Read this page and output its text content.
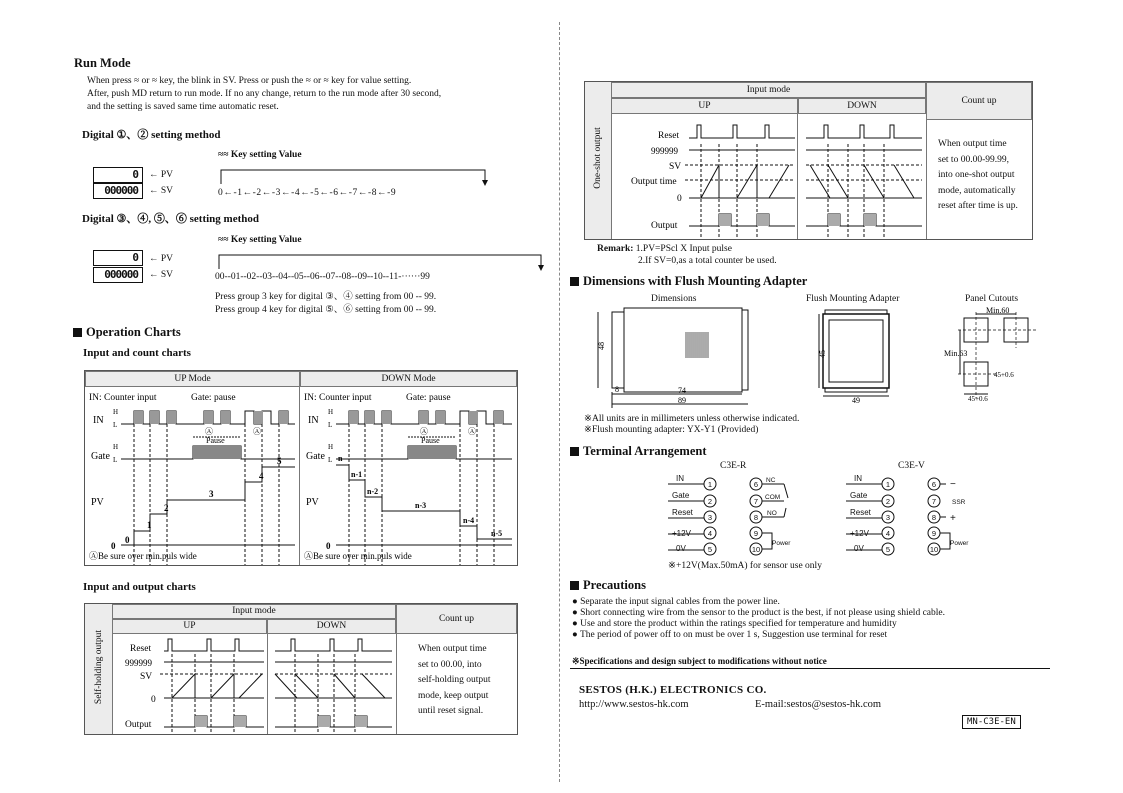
Run Mode
When press ≈ or ≈ key, the blink in SV. Press or push the ≈ or ≈ key for value setting.
After, push MD return to run mode. If no any change, return to the run mode after 30 second,
and the setting is saved same time automatic reset.
Digital ①、② setting method
0
000000
← PV
← SV
≈≈ Key setting Value
0←-1←-2←-3←-4←-5←-6←-7←-8←-9
Digital ③、④, ⑤、⑥ setting method
0
000000
← PV
← SV
≈≈ Key setting Value
00--01--02--03--04--05--06--07--08--09--10--11-······99
Press group 3 key for digital ③、④ setting from 00 -- 99.
Press group 4 key for digital ⑤、⑥ setting from 00 -- 99.
Operation Charts
Input and count charts
UP Mode	DOWN Mode
IN: Counter input	Gate: pause
IN
H
L
Ⓐ	Ⓐ
Pause
Gate
H
L
PV
0
1
2
3
4
5
0
ⒶBe sure over min.puls wide
IN: Counter input	Gate: pause
IN
H
L
Ⓐ	Ⓐ
Pause
Gate
H
L
PV
n
n-1
n-2
n-3
n-4
n-5
0
ⒶBe sure over min.puls wide
Input and output charts
Self-holding output
Input mode
UP	DOWN
Count up
Reset
999999
SV
0
Output
When output time
set to 00.00, into
self-holding output
mode, keep output
until reset signal.
One-shot output
Input mode
UP	DOWN	Count up
Reset
999999
SV
Output time
0
Output
When output time
set to 00.00-99.99,
into one-shot output
mode, automatically
reset after time is up.
Remark: 1.PV=PScl X Input pulse
2.If SV=0,as a total counter be used.
Dimensions with Flush Mounting Adapter
Dimensions	Flush Mounting Adapter	Panel Cutouts
48
8	74
89
45
49
Min.60
Min.63
45+0.6
45+0.6
※All units are in millimeters unless otherwise indicated.
※Flush mounting adapter: YX-Y1 (Provided)
Terminal Arrangement
C3E-R	C3E-V
IN
Gate
Reset
+12V
0V
1
2
3
4
5
6
7
8
9
10
NC
COM
NO
Power
IN
Gate
Reset
+12V
0V
1
2
3
4
5
6
7
8
9
10
−
SSR
+
Power
※+12V(Max.50mA) for sensor use only
Precautions
● Separate the input signal cables from the power line.
● Short connecting wire from the sensor to the product is the best, if not please using shield cable.
● Use and store the product within the ratings specified for temperature and humidity
● The period of power off to on must be over 1 s, Suggestion use terminal for reset
※Specifications and design subject to modifications without notice
SESTOS (H.K.) ELECTRONICS CO.
http://www.sestos-hk.com	E-mail:sestos@sestos-hk.com
MN-C3E-EN
